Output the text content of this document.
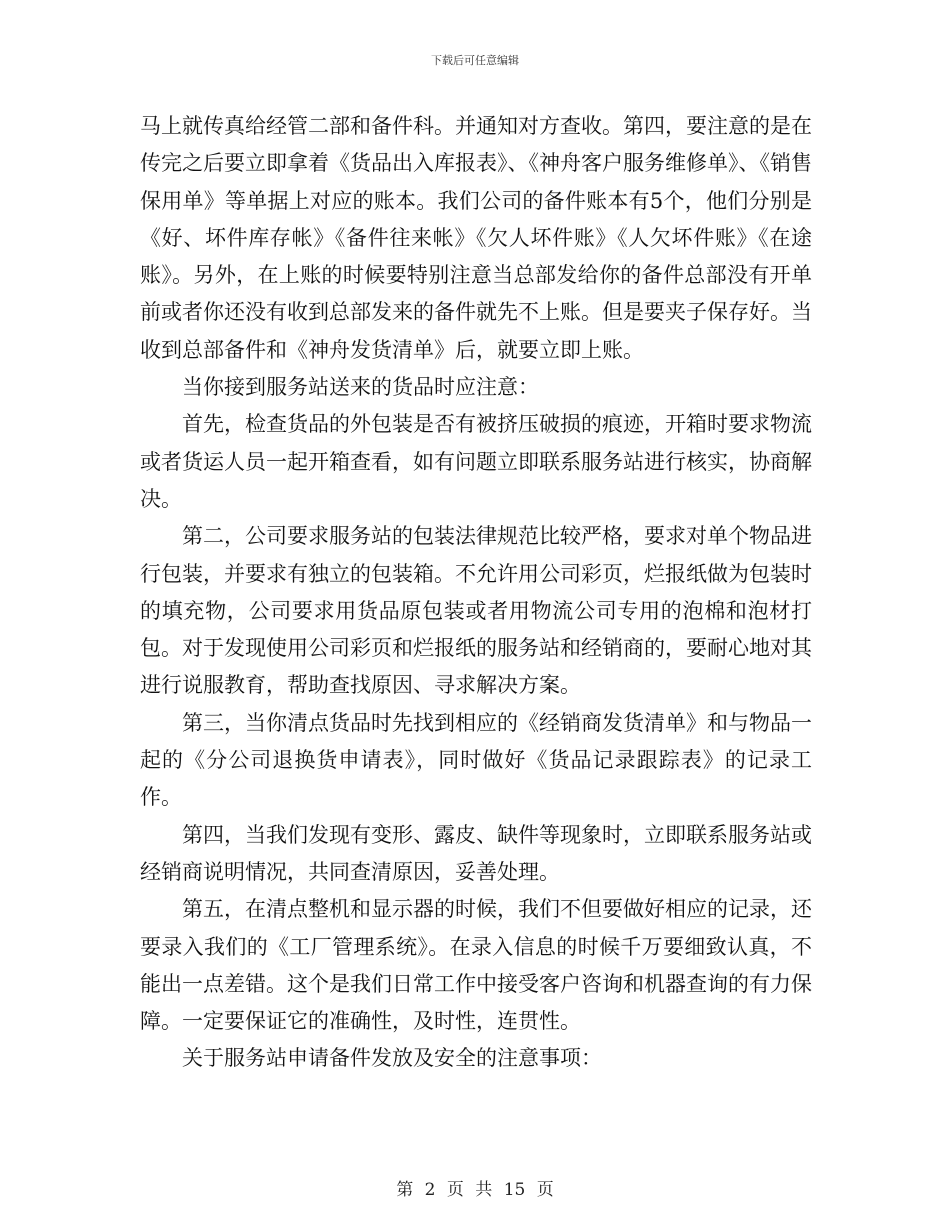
下载后可任意编辑

马上就传真给经管二部和备件科。并通知对方查收。第四，要注意的是在传完之后要立即拿着《货品出入库报表》、《神舟客户服务维修单》、《销售保用单》等单据上对应的账本。我们公司的备件账本有5个，他们分别是《好、坏件库存帐》《备件往来帐》《欠人坏件账》《人欠坏件账》《在途账》。另外，在上账的时候要特别注意当总部发给你的备件总部没有开单前或者你还没有收到总部发来的备件就先不上账。但是要夹子保存好。当收到总部备件和《神舟发货清单》后，就要立即上账。

当你接到服务站送来的货品时应注意：

首先，检查货品的外包装是否有被挤压破损的痕迹，开箱时要求物流或者货运人员一起开箱查看，如有问题立即联系服务站进行核实，协商解决。

第二，公司要求服务站的包装法律规范比较严格，要求对单个物品进行包装，并要求有独立的包装箱。不允许用公司彩页，烂报纸做为包装时的填充物，公司要求用货品原包装或者用物流公司专用的泡棉和泡材打包。对于发现使用公司彩页和烂报纸的服务站和经销商的，要耐心地对其进行说服教育，帮助查找原因、寻求解决方案。

第三，当你清点货品时先找到相应的《经销商发货清单》和与物品一起的《分公司退换货申请表》，同时做好《货品记录跟踪表》的记录工作。

第四，当我们发现有变形、露皮、缺件等现象时，立即联系服务站或经销商说明情况，共同查清原因，妥善处理。

第五，在清点整机和显示器的时候，我们不但要做好相应的记录，还要录入我们的《工厂管理系统》。在录入信息的时候千万要细致认真，不能出一点差错。这个是我们日常工作中接受客户咨询和机器查询的有力保障。一定要保证它的准确性，及时性，连贯性。

关于服务站申请备件发放及安全的注意事项：

第 2 页 共 15 页
